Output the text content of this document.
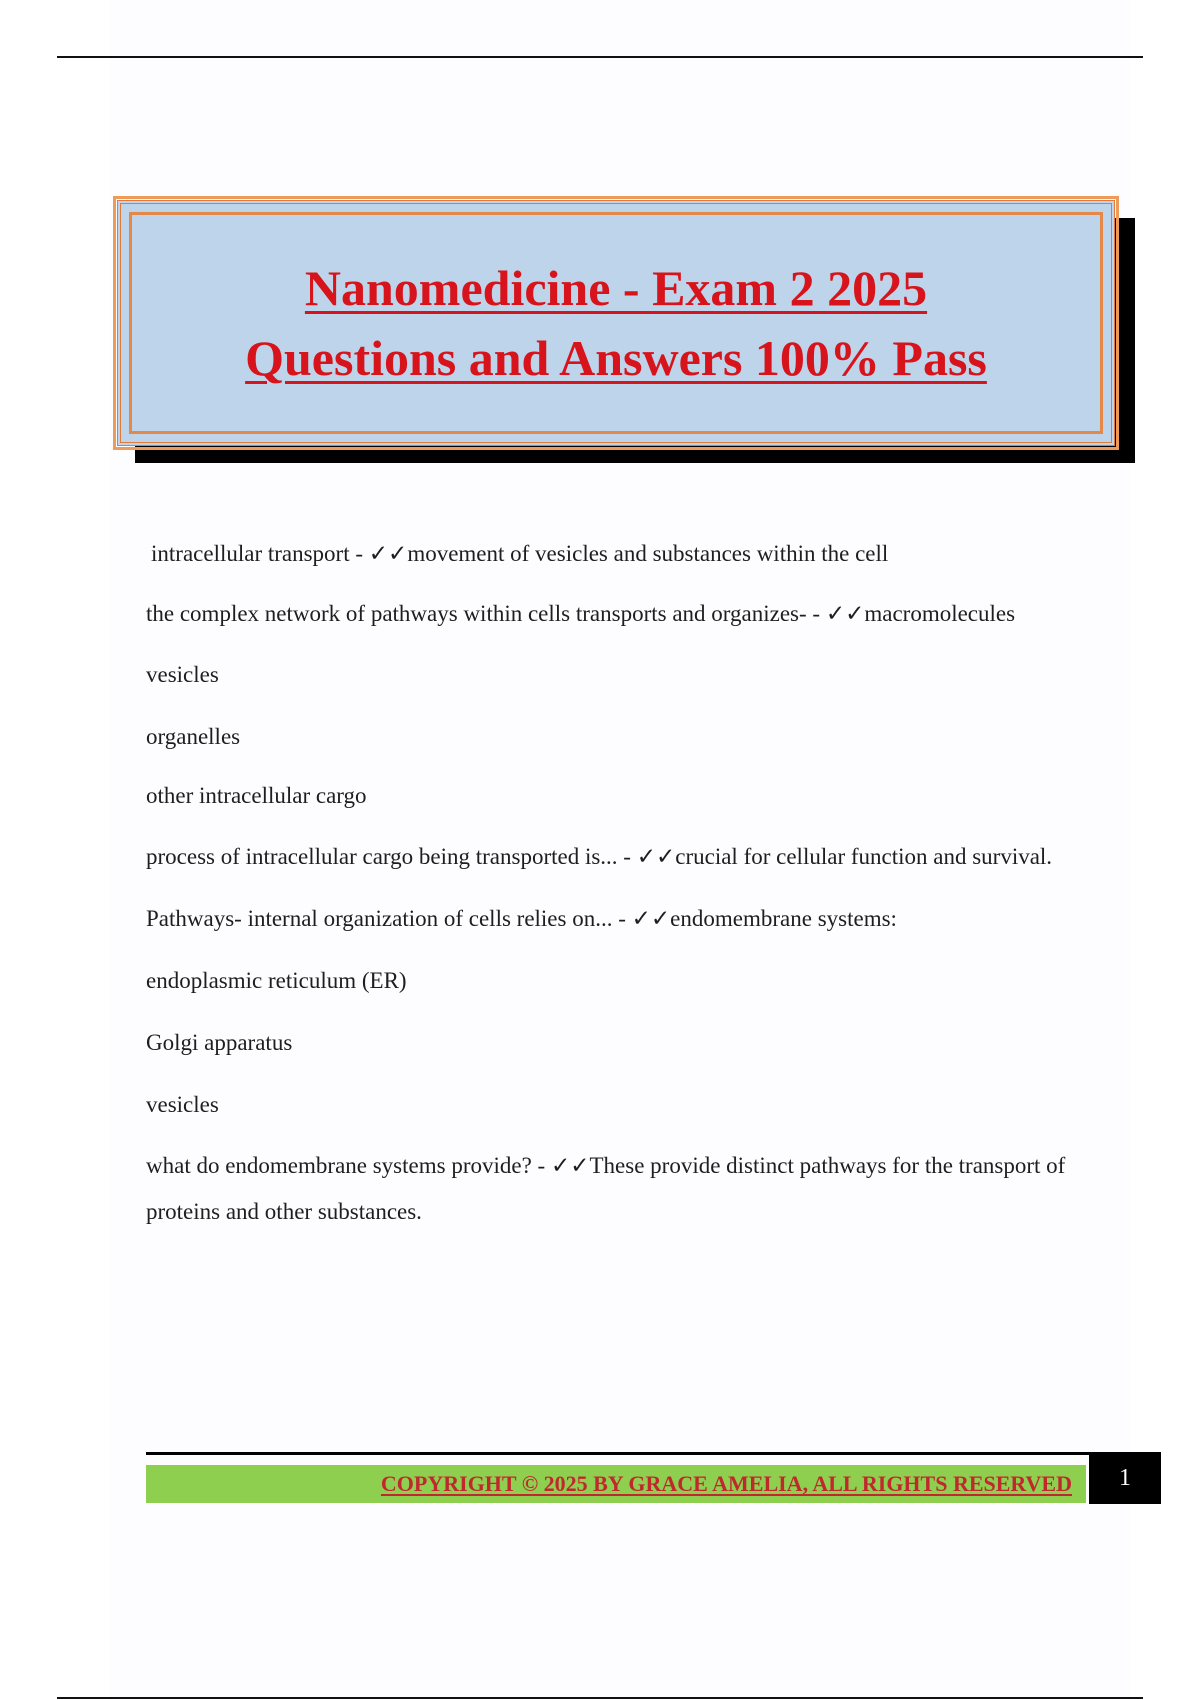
Nanomedicine - Exam 2 2025
Questions and Answers 100% Pass

intracellular transport - ✓✓movement of vesicles and substances within the cell

the complex network of pathways within cells transports and organizes- - ✓✓macromolecules

vesicles

organelles

other intracellular cargo

process of intracellular cargo being transported is... - ✓✓crucial for cellular function and survival.

Pathways- internal organization of cells relies on... - ✓✓endomembrane systems:

endoplasmic reticulum (ER)

Golgi apparatus

vesicles

what do endomembrane systems provide? - ✓✓These provide distinct pathways for the transport of proteins and other substances.

COPYRIGHT © 2025 BY GRACE AMELIA, ALL RIGHTS RESERVED 1
